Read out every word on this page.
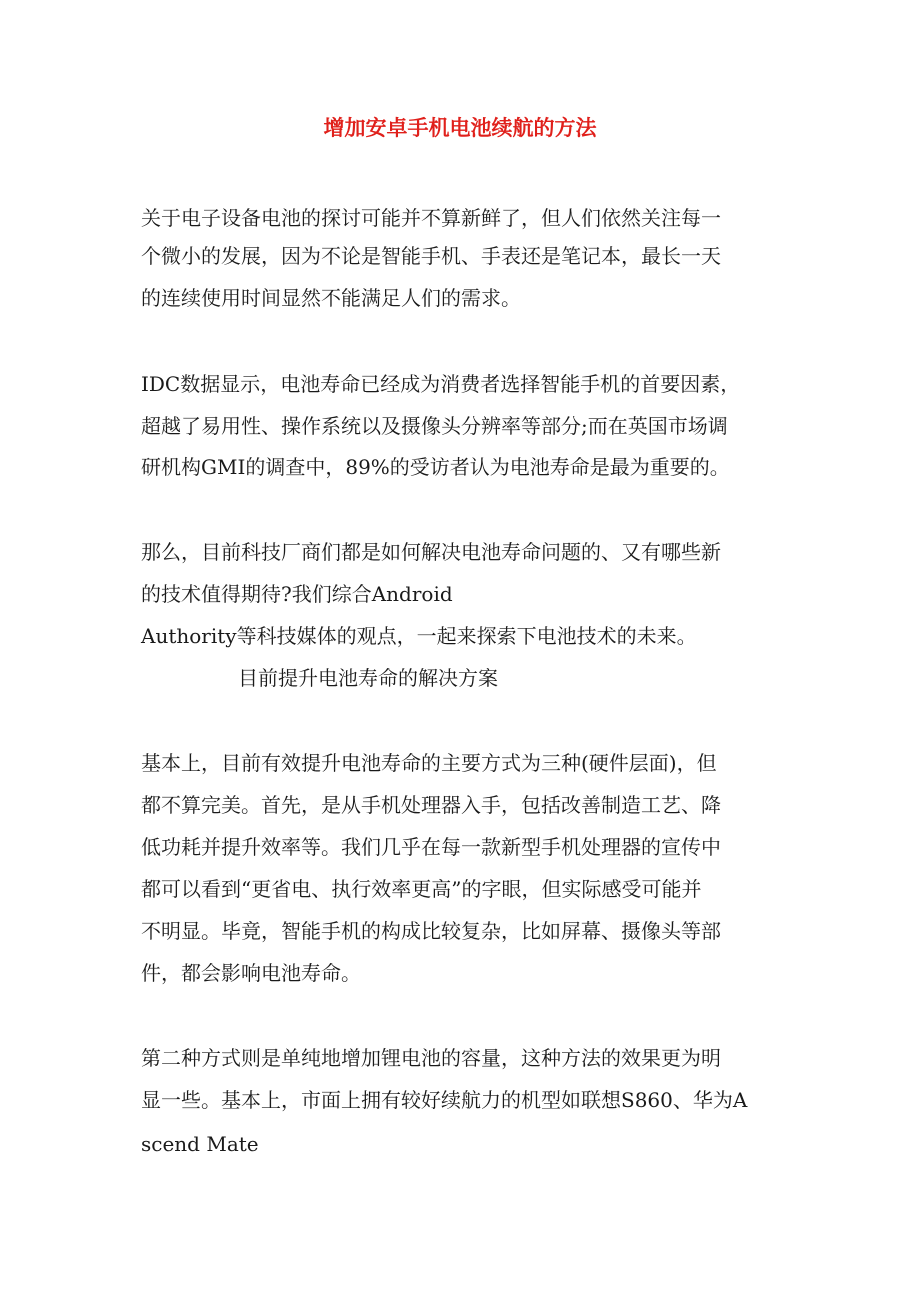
增加安卓手机电池续航的方法
关于电子设备电池的探讨可能并不算新鲜了，但人们依然关注每一
个微小的发展，因为不论是智能手机、手表还是笔记本，最长一天
的连续使用时间显然不能满足人们的需求。
IDC数据显示，电池寿命已经成为消费者选择智能手机的首要因素，
超越了易用性、操作系统以及摄像头分辨率等部分;而在英国市场调
研机构GMI的调查中，89%的受访者认为电池寿命是最为重要的。
那么，目前科技厂商们都是如何解决电池寿命问题的、又有哪些新
的技术值得期待?我们综合Android
Authority等科技媒体的观点，一起来探索下电池技术的未来。
目前提升电池寿命的解决方案
基本上，目前有效提升电池寿命的主要方式为三种(硬件层面)，但
都不算完美。首先，是从手机处理器入手，包括改善制造工艺、降
低功耗并提升效率等。我们几乎在每一款新型手机处理器的宣传中
都可以看到“更省电、执行效率更高”的字眼，但实际感受可能并
不明显。毕竟，智能手机的构成比较复杂，比如屏幕、摄像头等部
件，都会影响电池寿命。
第二种方式则是单纯地增加锂电池的容量，这种方法的效果更为明
显一些。基本上，市面上拥有较好续航力的机型如联想S860、华为A
scend Mate
